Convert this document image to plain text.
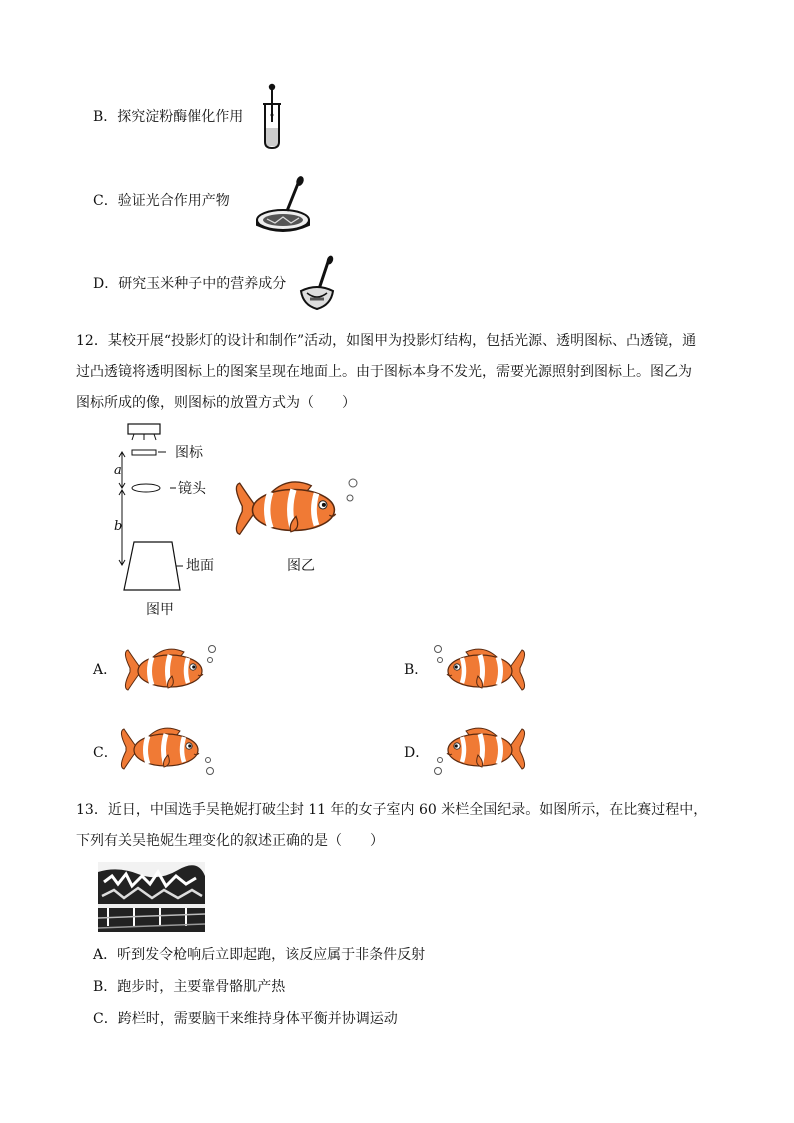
B．探究淀粉酶催化作用
C．验证光合作用产物
D．研究玉米种子中的营养成分
12．某校开展“投影灯的设计和制作”活动，如图甲为投影灯结构，包括光源、透明图标、凸透镜，通
过凸透镜将透明图标上的图案呈现在地面上。由于图标本身不发光，需要光源照射到图标上。图乙为
图标所成的像，则图标的放置方式为（　　）
图标
镜头
地面
a
b
图甲
图乙
A．	B．
C．	D．
13．近日，中国选手吴艳妮打破尘封 11 年的女子室内 60 米栏全国纪录。如图所示，在比赛过程中，
下列有关吴艳妮生理变化的叙述正确的是（　　）
A．听到发令枪响后立即起跑，该反应属于非条件反射
B．跑步时，主要靠骨骼肌产热
C．跨栏时，需要脑干来维持身体平衡并协调运动
